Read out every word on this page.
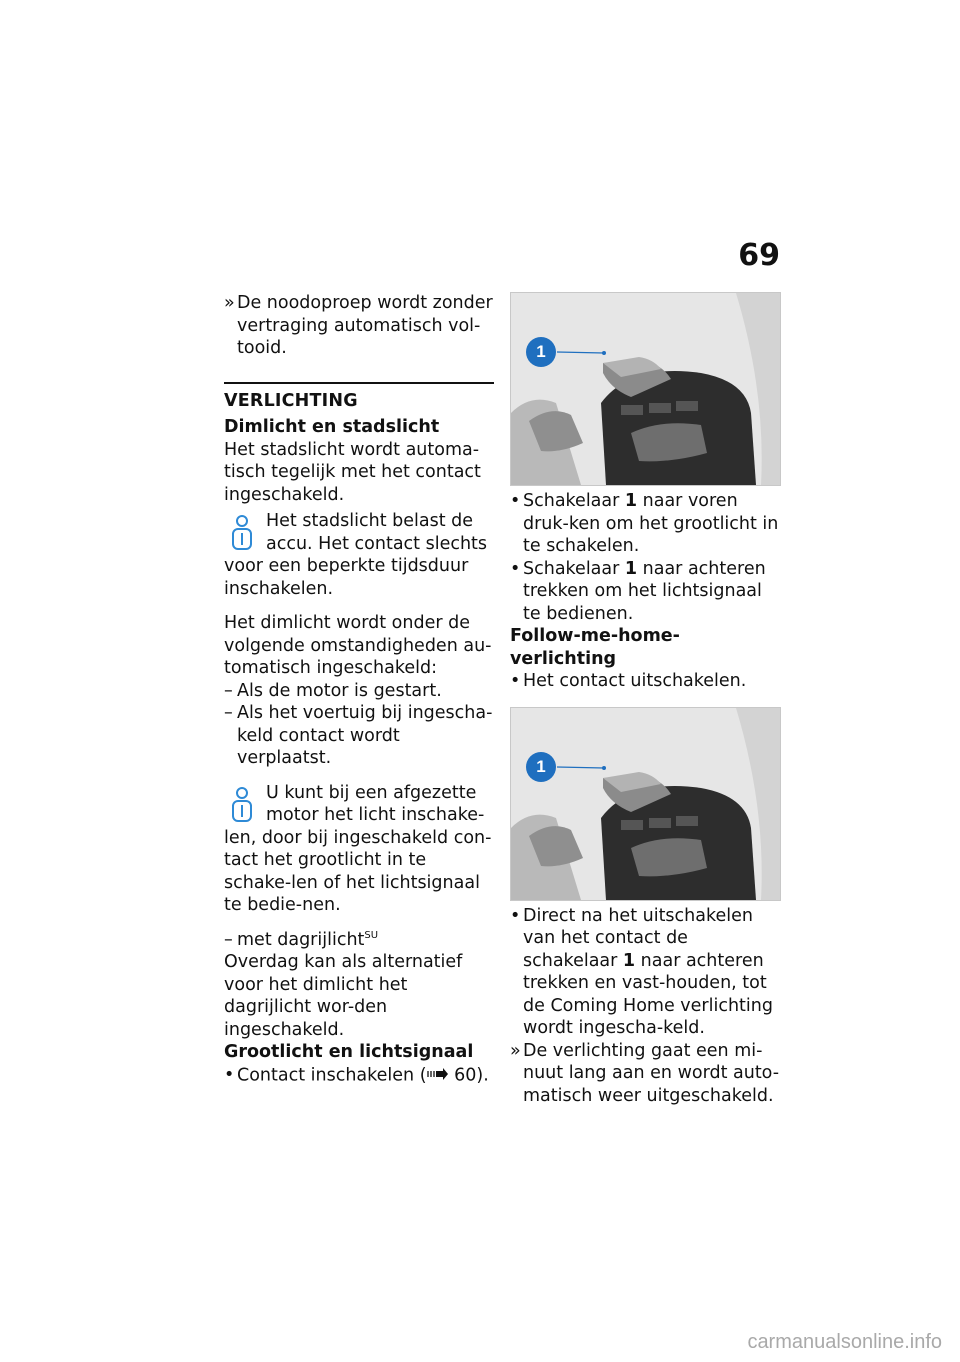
69
» De noodoproep wordt zonder vertraging automatisch vol-tooid.

VERLICHTING

Dimlicht en stadslicht

Het stadslicht wordt automa-tisch tegelijk met het contact ingeschakeld.

Het stadslicht belast de accu. Het contact slechts voor een beperkte tijdsduur inschakelen.

Het dimlicht wordt onder de volgende omstandigheden au-tomatisch ingeschakeld:

– Als de motor is gestart.
– Als het voertuig bij ingescha-keld contact wordt verplaatst.
U kunt bij een afgezette motor het licht inschake-len, door bij ingeschakeld con-tact het grootlicht in te schake-len of het lichtsignaal te bedie-nen.
– met dagrijlicht$^{SU}$

Overdag kan als alternatief voor het dimlicht het dagrijlicht wor-den ingeschakeld.

Grootlicht en lichtsignaal

• Contact inschakelen ( 60).
1
• Schakelaar 1 naar voren druk-ken om het grootlicht in te schakelen.
• Schakelaar 1 naar achteren trekken om het lichtsignaal te bedienen.

Follow-me-home-verlichting

• Het contact uitschakelen.
1
• Direct na het uitschakelen van het contact de schakelaar 1 naar achteren trekken en vast-houden, tot de Coming Home verlichting wordt ingescha-keld.
» De verlichting gaat een mi-nuut lang aan en wordt auto-matisch weer uitgeschakeld.
carmanualsonline.info
